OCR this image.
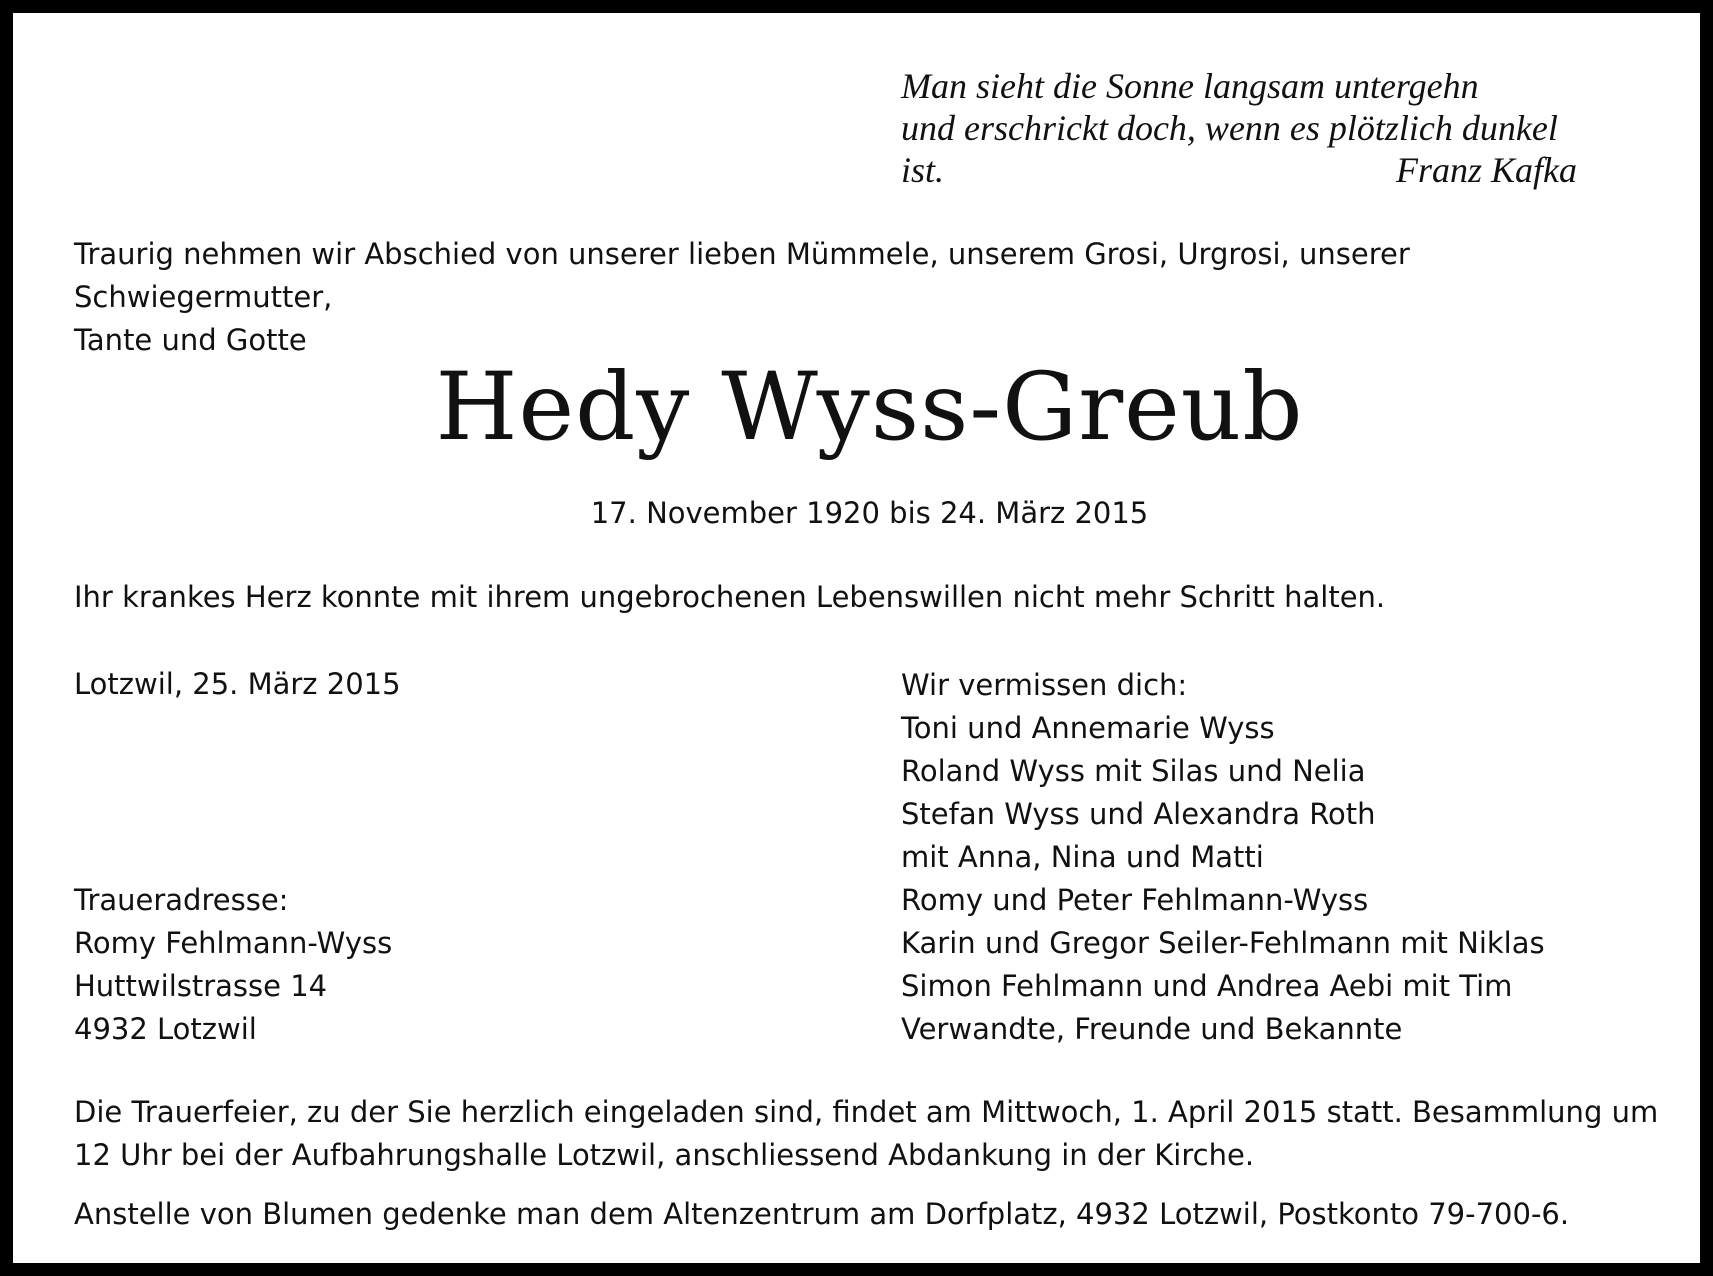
Man sieht die Sonne langsam untergehn
und erschrickt doch, wenn es plötzlich dunkel ist.	Franz Kafka
Traurig nehmen wir Abschied von unserer lieben Mümmele, unserem Grosi, Urgrosi, unserer Schwiegermutter,
Tante und Gotte
Hedy Wyss-Greub
17. November 1920 bis 24. März 2015
Ihr krankes Herz konnte mit ihrem ungebrochenen Lebenswillen nicht mehr Schritt halten.
Lotzwil, 25. März 2015
Traueradresse:
Romy Fehlmann-Wyss
Huttwilstrasse 14
4932 Lotzwil
Wir vermissen dich:
Toni und Annemarie Wyss
Roland Wyss mit Silas und Nelia
Stefan Wyss und Alexandra Roth
mit Anna, Nina und Matti
Romy und Peter Fehlmann-Wyss
Karin und Gregor Seiler-Fehlmann mit Niklas
Simon Fehlmann und Andrea Aebi mit Tim
Verwandte, Freunde und Bekannte
Die Trauerfeier, zu der Sie herzlich eingeladen sind, findet am Mittwoch, 1. April 2015 statt. Besammlung um
12 Uhr bei der Aufbahrungshalle Lotzwil, anschliessend Abdankung in der Kirche.
Anstelle von Blumen gedenke man dem Altenzentrum am Dorfplatz, 4932 Lotzwil, Postkonto 79-700-6.
